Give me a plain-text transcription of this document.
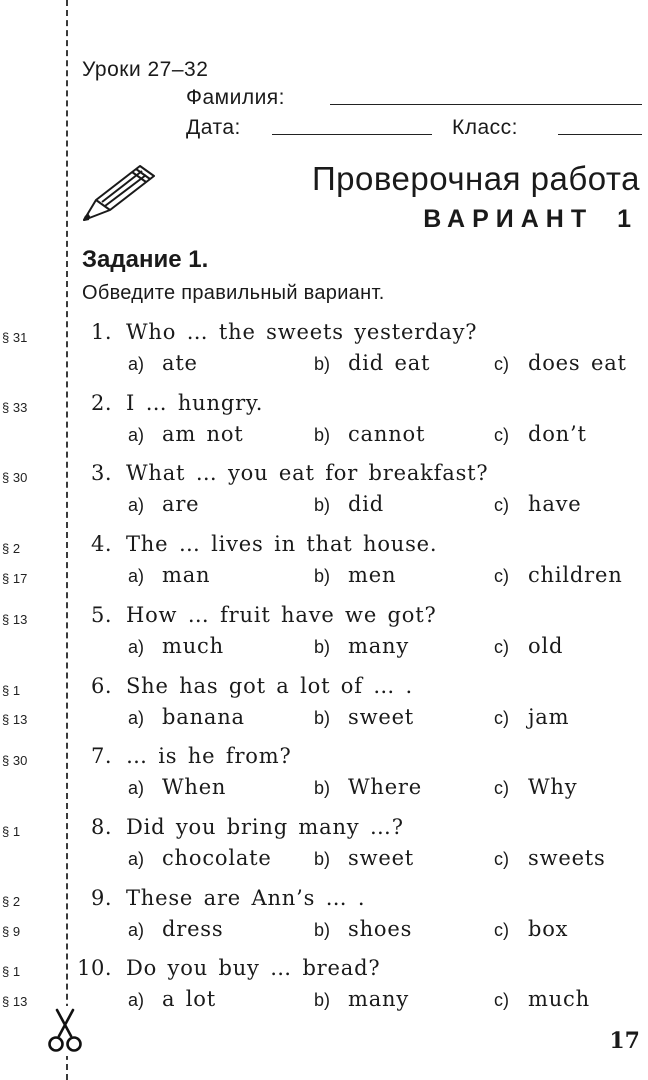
Уроки 27–32
Фамилия:
Дата:	Класс:
Проверочная работа
ВАРИАНТ 1
Задание 1.
Обведите правильный вариант.
1. Who … the sweets yesterday?
a) ate	b) did eat	c) does eat
2. I … hungry.
a) am not	b) cannot	c) don’t
3. What … you eat for breakfast?
a) are	b) did	c) have
4. The … lives in that house.
a) man	b) men	c) children
5. How … fruit have we got?
a) much	b) many	c) old
6. She has got a lot of … .
a) banana	b) sweet	c) jam
7. … is he from?
a) When	b) Where	c) Why
8. Did you bring many …?
a) chocolate b) sweet	c) sweets
9. These are Ann’s … .
a) dress	b) shoes	c) box
10. Do you buy … bread?
a) a lot	b) many	c) much
§ 31
§ 33
§ 30
§ 2
§ 17
§ 13
§ 1
§ 13
§ 30
§ 1
§ 2
§ 9
§ 1
§ 13
17
